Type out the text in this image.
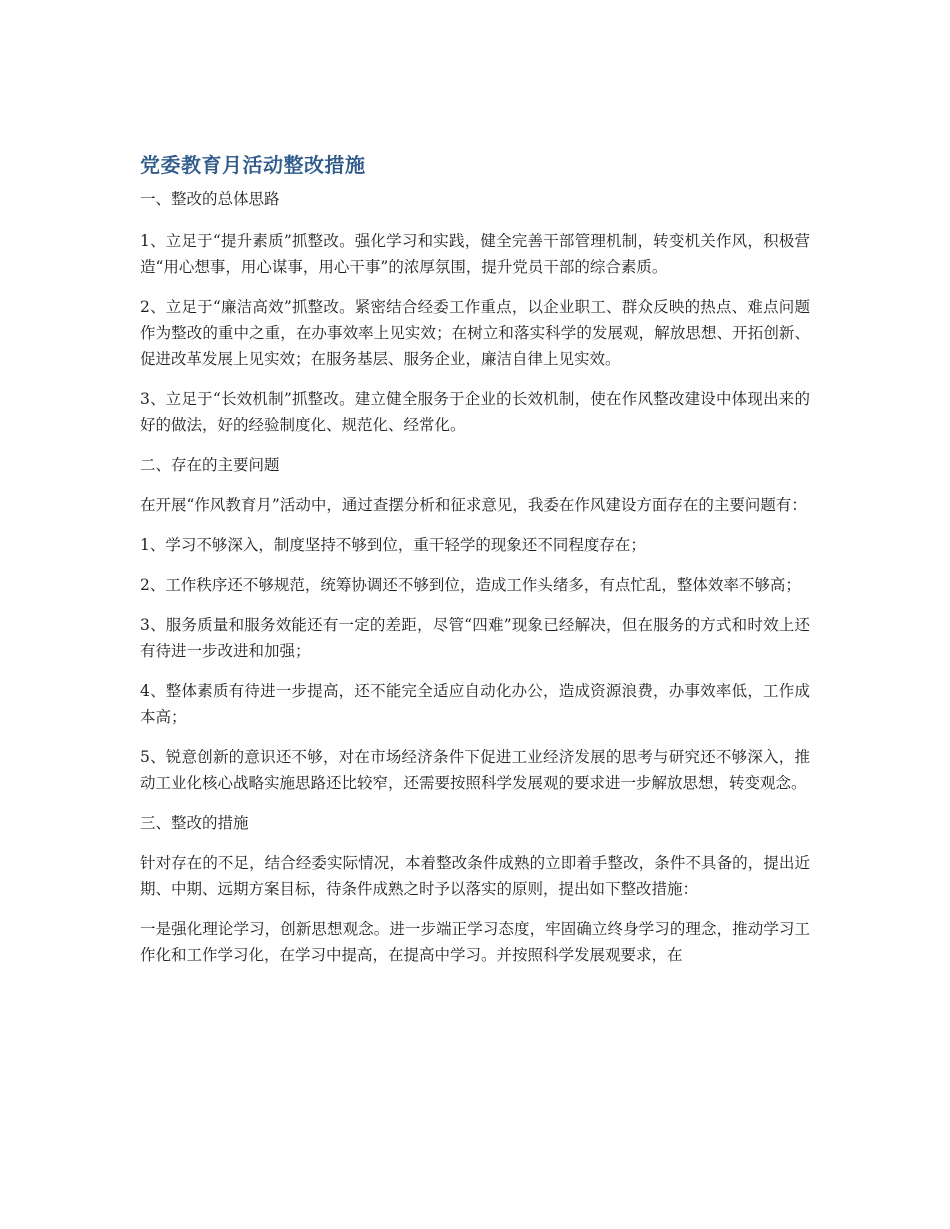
党委教育月活动整改措施
一、整改的总体思路

1、立足于“提升素质”抓整改。强化学习和实践，健全完善干部管理机制，转变机关作风，积极营造“用心想事，用心谋事，用心干事”的浓厚氛围，提升党员干部的综合素质。

2、立足于“廉洁高效”抓整改。紧密结合经委工作重点，以企业职工、群众反映的热点、难点问题作为整改的重中之重，在办事效率上见实效；在树立和落实科学的发展观，解放思想、开拓创新、促进改革发展上见实效；在服务基层、服务企业，廉洁自律上见实效。

3、立足于“长效机制”抓整改。建立健全服务于企业的长效机制，使在作风整改建设中体现出来的好的做法，好的经验制度化、规范化、经常化。

二、存在的主要问题

在开展“作风教育月”活动中，通过查摆分析和征求意见，我委在作风建设方面存在的主要问题有：

1、学习不够深入，制度坚持不够到位，重干轻学的现象还不同程度存在；

2、工作秩序还不够规范，统筹协调还不够到位，造成工作头绪多，有点忙乱，整体效率不够高；

3、服务质量和服务效能还有一定的差距，尽管“四难”现象已经解决，但在服务的方式和时效上还有待进一步改进和加强；

4、整体素质有待进一步提高，还不能完全适应自动化办公，造成资源浪费，办事效率低，工作成本高；

5、锐意创新的意识还不够，对在市场经济条件下促进工业经济发展的思考与研究还不够深入，推动工业化核心战略实施思路还比较窄，还需要按照科学发展观的要求进一步解放思想，转变观念。

三、整改的措施

针对存在的不足，结合经委实际情况，本着整改条件成熟的立即着手整改，条件不具备的，提出近期、中期、远期方案目标，待条件成熟之时予以落实的原则，提出如下整改措施：

一是强化理论学习，创新思想观念。进一步端正学习态度，牢固确立终身学习的理念，推动学习工作化和工作学习化，在学习中提高，在提高中学习。并按照科学发展观要求，在
